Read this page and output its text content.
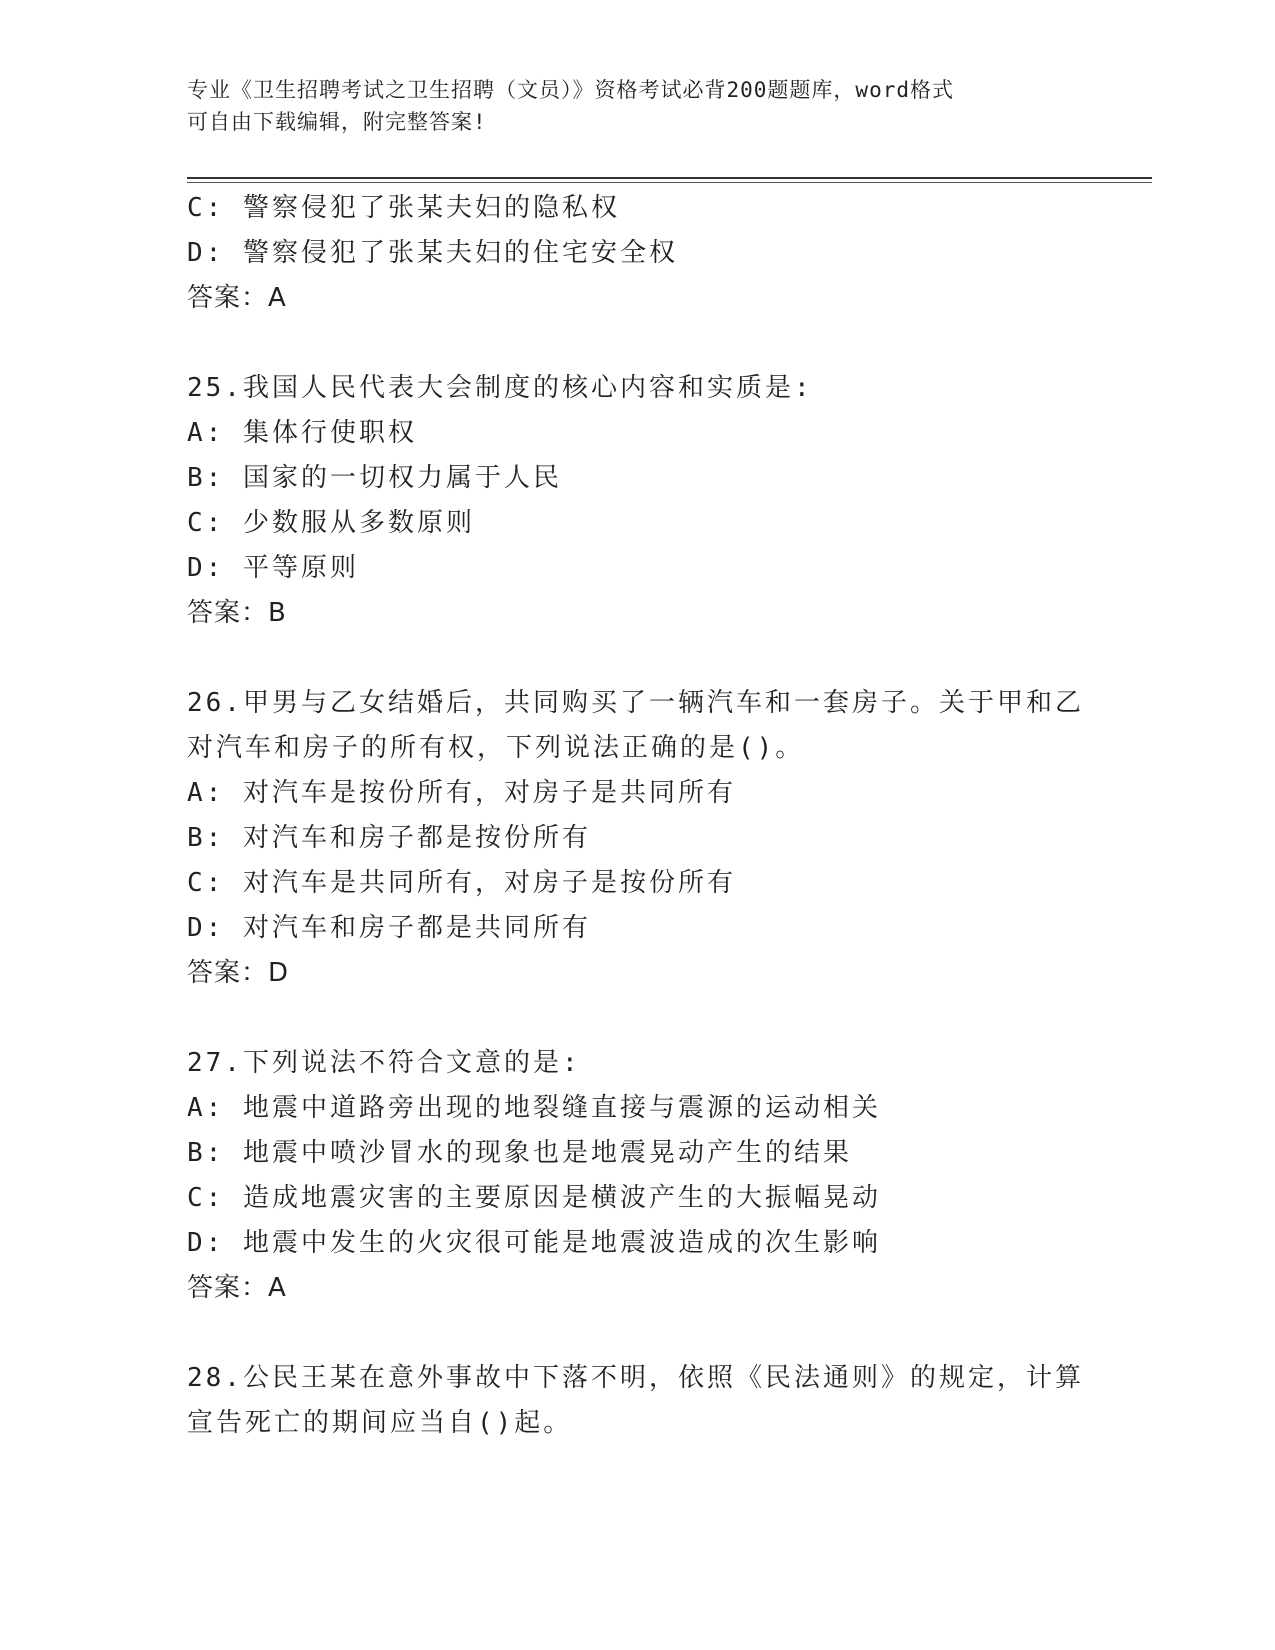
专业《卫生招聘考试之卫生招聘（文员）》资格考试必背200题题库，word格式
可自由下载编辑，附完整答案!
C: 警察侵犯了张某夫妇的隐私权
D: 警察侵犯了张某夫妇的住宅安全权
答案：A
25.我国人民代表大会制度的核心内容和实质是:
A: 集体行使职权
B: 国家的一切权力属于人民
C: 少数服从多数原则
D: 平等原则
答案：B
26.甲男与乙女结婚后，共同购买了一辆汽车和一套房子。关于甲和乙
对汽车和房子的所有权，下列说法正确的是()。
A: 对汽车是按份所有，对房子是共同所有
B: 对汽车和房子都是按份所有
C: 对汽车是共同所有，对房子是按份所有
D: 对汽车和房子都是共同所有
答案：D
27.下列说法不符合文意的是:
A: 地震中道路旁出现的地裂缝直接与震源的运动相关
B: 地震中喷沙冒水的现象也是地震晃动产生的结果
C: 造成地震灾害的主要原因是横波产生的大振幅晃动
D: 地震中发生的火灾很可能是地震波造成的次生影响
答案：A
28.公民王某在意外事故中下落不明，依照《民法通则》的规定，计算
宣告死亡的期间应当自()起。
